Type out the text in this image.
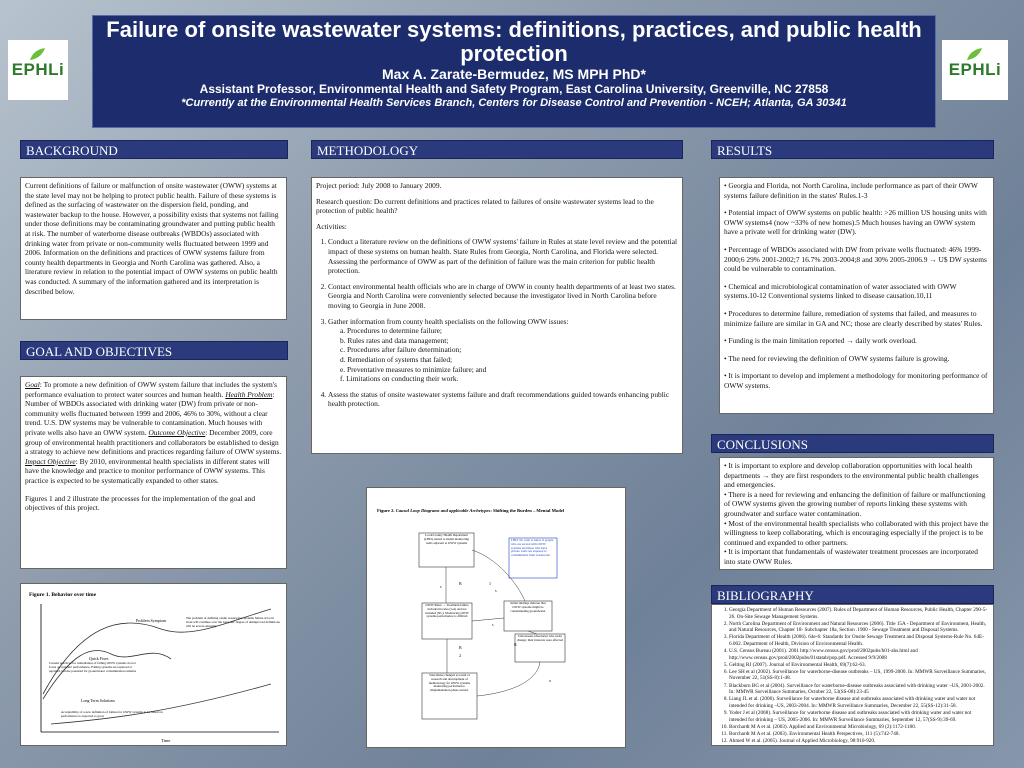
EPHLi	EPHLi
Failure of onsite wastewater systems: definitions, practices, and public health protection
Max A. Zarate-Bermudez, MS MPH PhD*
Assistant Professor, Environmental Health and Safety Program, East Carolina University, Greenville, NC 27858
*Currently at the Environmental Health Services Branch, Centers for Disease Control and Prevention - NCEH; Atlanta, GA 30341
BACKGROUND

Current definitions of failure or malfunction of onsite wastewater (OWW) systems at the state level may not be helping to protect public health. Failure of these systems is defined as the surfacing of wastewater on the dispersion field, ponding, and wastewater backup to the house. However, a possibility exists that systems not failing under those definitions may be contaminating groundwater and putting public health at risk. The number of waterborne disease outbreaks (WBDOs) associated with drinking water from private or non-community wells fluctuated between 1999 and 2006. Information on the definitions and practices of OWW systems failure from county health departments in Georgia and North Carolina was gathered. Also, a literature review in relation to the potential impact of OWW systems on public health was conducted. A summary of the information gathered and its interpretation is described below.

GOAL AND OBJECTIVES

Goal: To promote a new definition of OWW system failure that includes the system's performance evaluation to protect water sources and human health. Health Problem: Number of WBDOs associated with drinking water (DW) from private or non-community wells fluctuated between 1999 and 2006, 46% to 30%, without a clear trend. U.S. DW systems may be vulnerable to contamination. Much houses with private wells also have an OWW system. Outcome Objective: December 2009, core group of environmental health practitioners and collaborators be established to design a strategy to achieve new definitions and practices regarding failure of OWW systems. Impact Objective: By 2010, environmental health specialists in different states will have the knowledge and practice to monitor performance of OWW systems. This practice is expected to be systematically expanded to other states.

Figures 1 and 2 illustrate the processes for the implementation of the goal and objectives of this project.

Figure 1. Behavior over time
Problem Symptom
Quick Fixes
Long Term Solutions
Time
The problem of defining onsite wastewater systems failure at local level will continue over the long run: degree of unimproved definitions will be severe annually
Current practices for remediation of failing OWW systems do not focus on systems' performance. Failing systems are replaced or repaired, but the potential for groundwater contamination remains
Acceptability of a new definition of failure for OWW systems to be based on performance is expected to grow
METHODOLOGY

Project period: July 2008 to January 2009.

Research question: Do current definitions and practices related to failures of onsite wastewater systems lead to the protection of public health?

Activities:

1. Conduct a literature review on the definitions of OWW systems' failure in Rules at state level review and the potential impact of these systems on human health. State Rules from Georgia, North Carolina, and Florida were selected. Assessing the performance of OWW as part of the definition of failure was the main criterion for public health protection.
2. Contact environmental health officials who are in charge of OWW in county health departments of at least two states. Georgia and North Carolina were conveniently selected because the investigator lived in North Carolina before moving to Georgia in June 2008.
3. Gather information from county health specialists on the following OWW issues:
a. Procedures to determine failure;
b. Rules rates and data management;
c. Procedures after failure determination;
d. Remediation of systems that failed;
e. Preventative measures to minimize failure; and
f. Limitations on conducting their work.
4. Assess the status of onsite wastewater systems failure and draft recommendations guided towards enhancing public health protection.
Figure 2. Causal Loop Diagrams and applicable Archetypes: Shifting the Burden – Mental Model
Local/County Health Department (LHD) started to install monitoring wells adjacent to OWW systems
LHD: No want to know if people who are served with OWW systems and those who have private wells are exposed to contaminants from wastewater
OWW Rules → Treatment failure included in rules (GA) and not included (NC). Monitoring OWW systems performance is difficult
Initial findings indicate that OWW systems might be contaminating groundwater
Unforeseen adversaries who resist change; their interests were affected
State Rules changed as result of research and development of methodology for OWW systems monitoring performance. Implementation phase started.
B	1
B
2
R
s
s
s
o
RESULTS

• Georgia and Florida, not North Carolina, include performance as part of their OWW systems failure definition in the states' Rules.1-3

• Potential impact of OWW systems on public health: >26 million US housing units with OWW systems4 (now ~33% of new homes).5 Much houses having an OWW system have a private well for drinking water (DW).

• Percentage of WBDOs associated with DW from private wells fluctuated: 46% 1999-2000;6 29% 2001-2002;7 16.7% 2003-2004;8 and 30% 2005-2006.9 → U$ DW systems could be vulnerable to contamination.

• Chemical and microbiological contamination of water associated with OWW systems.10-12 Conventional systems linked to disease causation.10,11

• Procedures to determine failure, remediation of systems that failed, and measures to minimize failure are similar in GA and NC; those are clearly described by states' Rules.

• Funding is the main limitation reported → daily work overload.

• The need for reviewing the definition of OWW systems failure is growing.

• It is important to develop and implement a methodology for monitoring performance of OWW systems.

CONCLUSIONS
• It is important to explore and develop collaboration opportunities with local health departments → they are first responders to the environmental public health challenges and emergencies.
• There is a need for reviewing and enhancing the definition of failure or malfunctioning of OWW systems given the growing number of reports linking these systems with groundwater and surface water contamination.
• Most of the environmental health specialists who collaborated with this project have the willingness to keep collaborating, which is encouraging especially if the project is to be continued and expanded to other partners.
• It is important that fundamentals of wastewater treatment processes are incorporated into state OWW Rules.
BIBLIOGRAPHY
1. Georgia Department of Human Resources (2007). Rules of Department of Human Resources, Public Health, Chapter 290-5-26. On-Site Sewage Management Systems.
2. North Carolina Department of Environment and Natural Resources (2006). Title 15A - Department of Environment, Health, and Natural Resources, Chapter 18- Subchapter 18a, Section .1900 - Sewage Treatment and Disposal Systems.
3. Florida Department of Health (2006). 64e-6: Standards for Onsite Sewage Treatment and Disposal Systems-Rule No. 64E-6.002. Department of Health, Division of Environmental Health.
4. U.S. Census Bureau (2001). 2001 http://www.census.gov/prod/2002pubs/h01-ahs.html and http://www.census.gov/prod/2002pubs/01statab/pop.pdf. Accessed 9/9/2008
5. Gelting RJ (2007). Journal of Environmental Health, 69(7):62-63.
6. Lee SH et al (2002). Surveillance for waterborne-disease outbreaks – US, 1999-2000. In: MMWR Surveillance Summaries, November 22, 51(SS-8):1-48.
7. Blackburn BG et al (2004). Surveillance for waterborne-disease outbreaks associated with drinking water –US, 2001-2002. In: MMWR Surveillance Summaries, October 22, 53(SS-08):23-45
8. Liang JL et al. (2006). Surveillance for waterborne disease and outbreaks associated with drinking water and water not intended for drinking –US, 2003-2004. In: MMWR Surveillance Summaries, December 22, 55(SS-12):31-58.
9. Yoder J et al (2008). Surveillance for waterborne disease and outbreaks associated with drinking water and water not intended for drinking – US, 2005-2006. In: MMWR Surveillance Summaries, September 12, 57(SS-9):39-69.
10. Borchardt M A et al. (2003). Applied and Environmental Microbiology, 69 (2):1172-1180.
11. Borchardt M A et al. (2003). Environmental Health Perspectives, 111 (5):742-748.
12. Ahmed W et al. (2005). Journal of Applied Microbiology, 98:910-920.
